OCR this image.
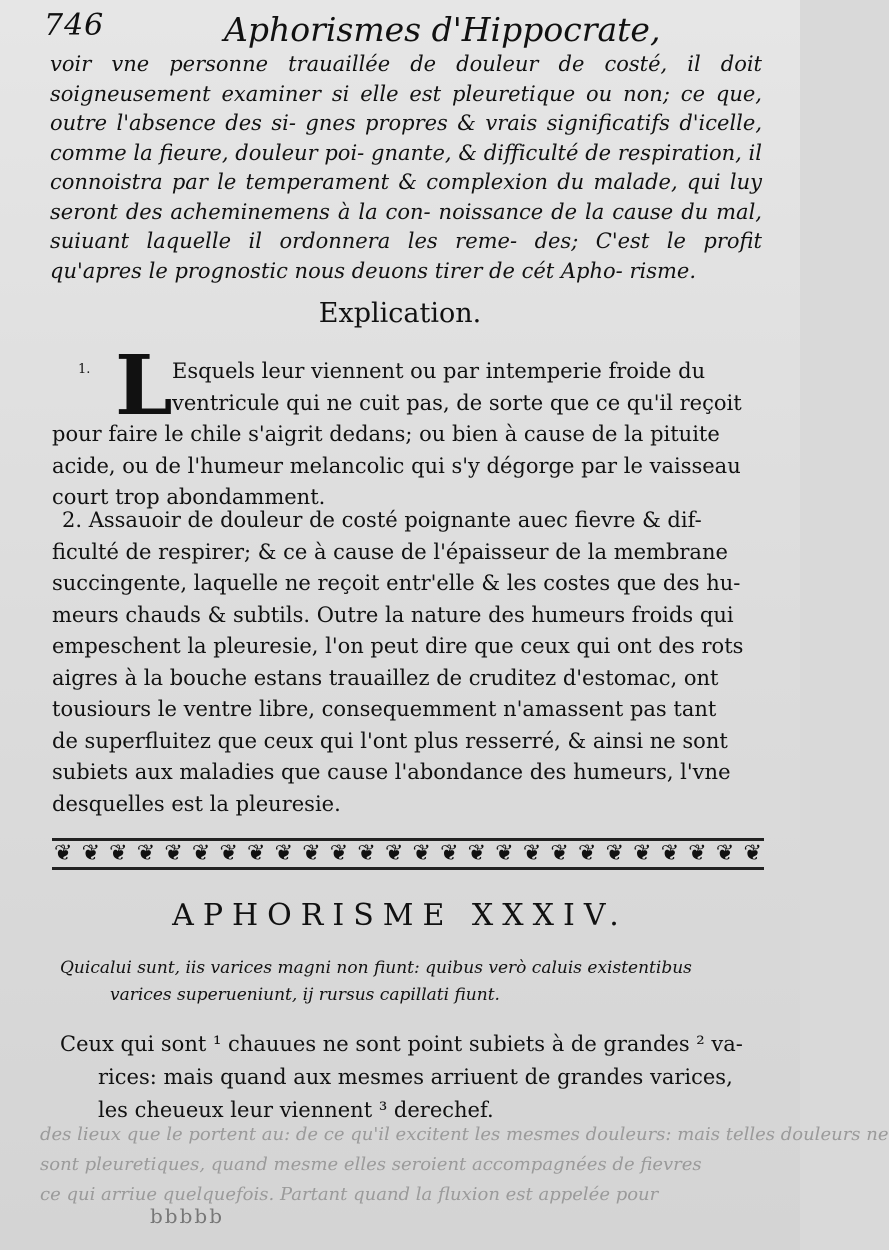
746	Aphorismes d'Hippocrate,
voir vne personne trauaillée de douleur de costé, il doit soigneusement examiner si elle est pleuretique ou non; ce que, outre l'absence des si- gnes propres & vrais significatifs d'icelle, comme la fieure, douleur poi- gnante, & difficulté de respiration, il connoistra par le temperament & complexion du malade, qui luy seront des acheminemens à la con- noissance de la cause du mal, suiuant laquelle il ordonnera les reme- des; C'est le profit qu'apres le prognostic nous deuons tirer de cét Apho- risme.
Explication.
1. L Esquels leur viennent ou par intemperie froide du
ventricule qui ne cuit pas, de sorte que ce qu'il reçoit
pour faire le chile s'aigrit dedans; ou bien à cause de la pituite
acide, ou de l'humeur melancolic qui s'y dégorge par le vaisseau
court trop abondamment.
2. Assauoir de douleur de costé poignante auec fievre & dif-
ficulté de respirer; & ce à cause de l'épaisseur de la membrane
succingente, laquelle ne reçoit entr'elle & les costes que des hu-
meurs chauds & subtils. Outre la nature des humeurs froids qui
empeschent la pleuresie, l'on peut dire que ceux qui ont des rots
aigres à la bouche estans trauaillez de cruditez d'estomac, ont
tousiours le ventre libre, consequemment n'amassent pas tant
de superfluitez que ceux qui l'ont plus resserré, & ainsi ne sont
subiets aux maladies que cause l'abondance des humeurs, l'vne
desquelles est la pleuresie.
❦ ❦ ❦ ❦ ❦ ❦ ❦ ❦ ❦ ❦ ❦ ❦ ❦ ❦ ❦ ❦ ❦ ❦ ❦ ❦ ❦ ❦ ❦ ❦ ❦ ❦
APHORISME XXXIV.
Quicalui sunt, iis varices magni non fiunt: quibus verò caluis existentibus
varices superueniunt, ij rursus capillati fiunt.
Ceux qui sont ¹ chauues ne sont point subiets à de grandes ² va-
rices: mais quand aux mesmes arriuent de grandes varices,
les cheueux leur viennent ³ derechef.
des lieux que le portent au: de ce qu'il excitent les mesmes douleurs: mais telles douleurs ne
sont pleuretiques, quand mesme elles seroient accompagnées de fievres
ce qui arriue quelquefois. Partant quand la fluxion est appelée pour
bbbbb
